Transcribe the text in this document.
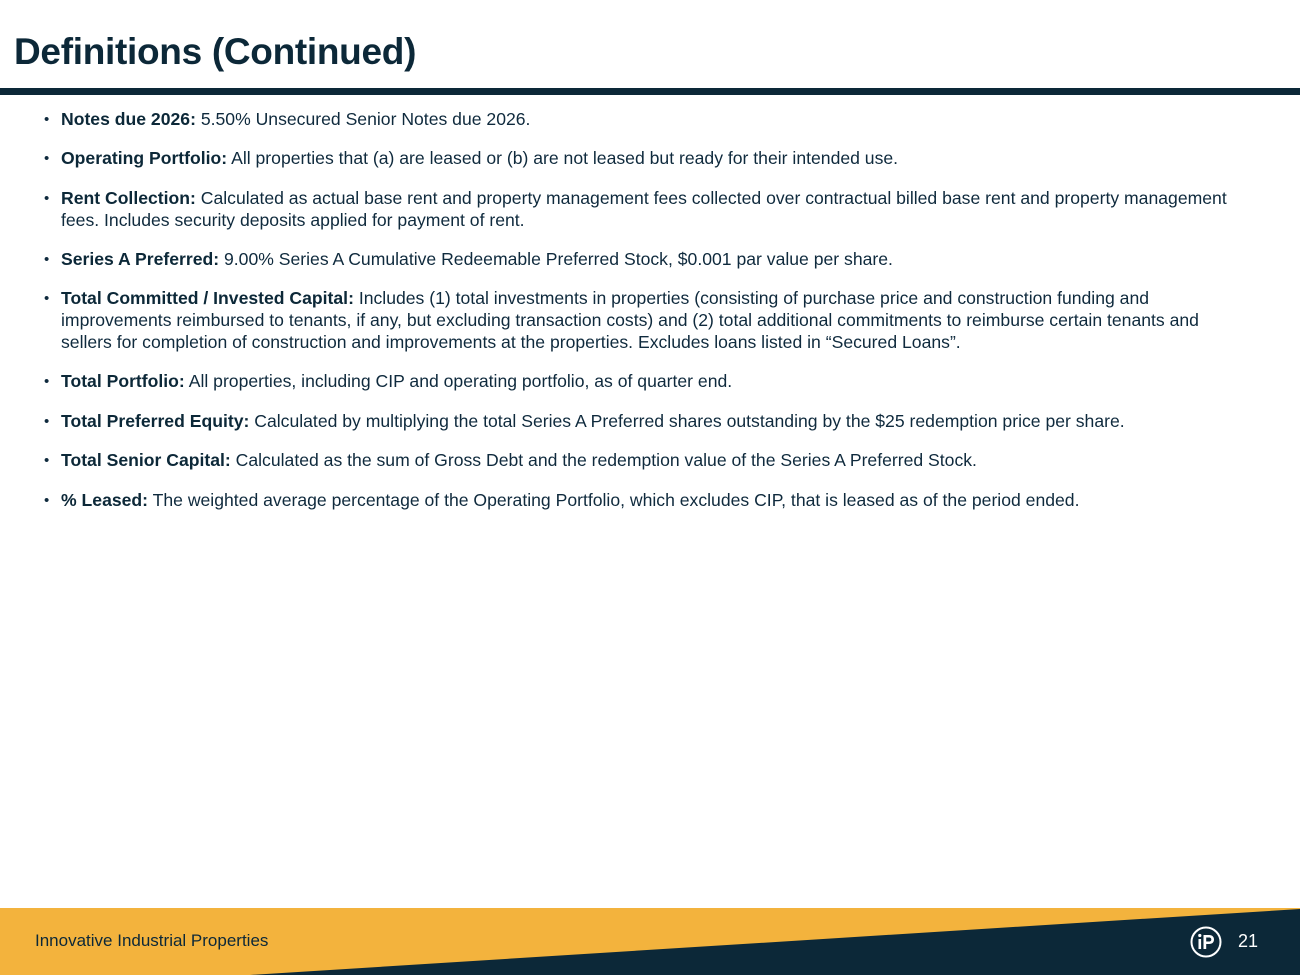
Definitions (Continued)
• Notes due 2026: 5.50% Unsecured Senior Notes due 2026.
• Operating Portfolio: All properties that (a) are leased or (b) are not leased but ready for their intended use.
• Rent Collection: Calculated as actual base rent and property management fees collected over contractual billed base rent and property management fees. Includes security deposits applied for payment of rent.
• Series A Preferred: 9.00% Series A Cumulative Redeemable Preferred Stock, $0.001 par value per share.
• Total Committed / Invested Capital: Includes (1) total investments in properties (consisting of purchase price and construction funding and improvements reimbursed to tenants, if any, but excluding transaction costs) and (2) total additional commitments to reimburse certain tenants and sellers for completion of construction and improvements at the properties. Excludes loans listed in “Secured Loans”.
• Total Portfolio: All properties, including CIP and operating portfolio, as of quarter end.
• Total Preferred Equity: Calculated by multiplying the total Series A Preferred shares outstanding by the $25 redemption price per share.
• Total Senior Capital: Calculated as the sum of Gross Debt and the redemption value of the Series A Preferred Stock.
• % Leased: The weighted average percentage of the Operating Portfolio, which excludes CIP, that is leased as of the period ended.
Innovative Industrial Properties	21
